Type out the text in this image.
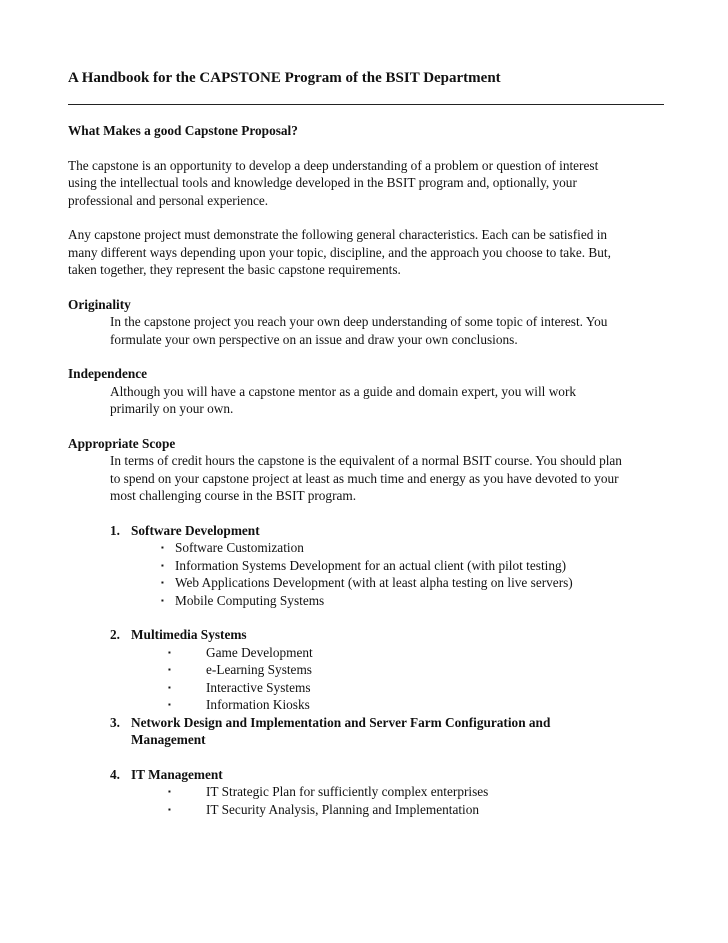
A Handbook for the CAPSTONE Program of the BSIT Department

What Makes a good Capstone Proposal?

The capstone is an opportunity to develop a deep understanding of a problem or question of interest
using the intellectual tools and knowledge developed in the BSIT program and, optionally, your
professional and personal experience.
Any capstone project must demonstrate the following general characteristics. Each can be satisfied in
many different ways depending upon your topic, discipline, and the approach you choose to take. But,
taken together, they represent the basic capstone requirements.

Originality

In the capstone project you reach your own deep understanding of some topic of interest. You
formulate your own perspective on an issue and draw your own conclusions.

Independence

Although you will have a capstone mentor as a guide and domain expert, you will work
primarily on your own.

Appropriate Scope

In terms of credit hours the capstone is the equivalent of a normal BSIT course. You should plan
to spend on your capstone project at least as much time and energy as you have devoted to your
most challenging course in the BSIT program.
1. Software Development
▪ Software Customization
▪ Information Systems Development for an actual client (with pilot testing)
▪ Web Applications Development (with at least alpha testing on live servers)
▪ Mobile Computing Systems
2. Multimedia Systems
▪	Game Development
▪	e-Learning Systems
▪	Interactive Systems
▪	Information Kiosks
3. Network Design and Implementation and Server Farm Configuration and Management
4. IT Management
▪	IT Strategic Plan for sufficiently complex enterprises
▪	IT Security Analysis, Planning and Implementation
